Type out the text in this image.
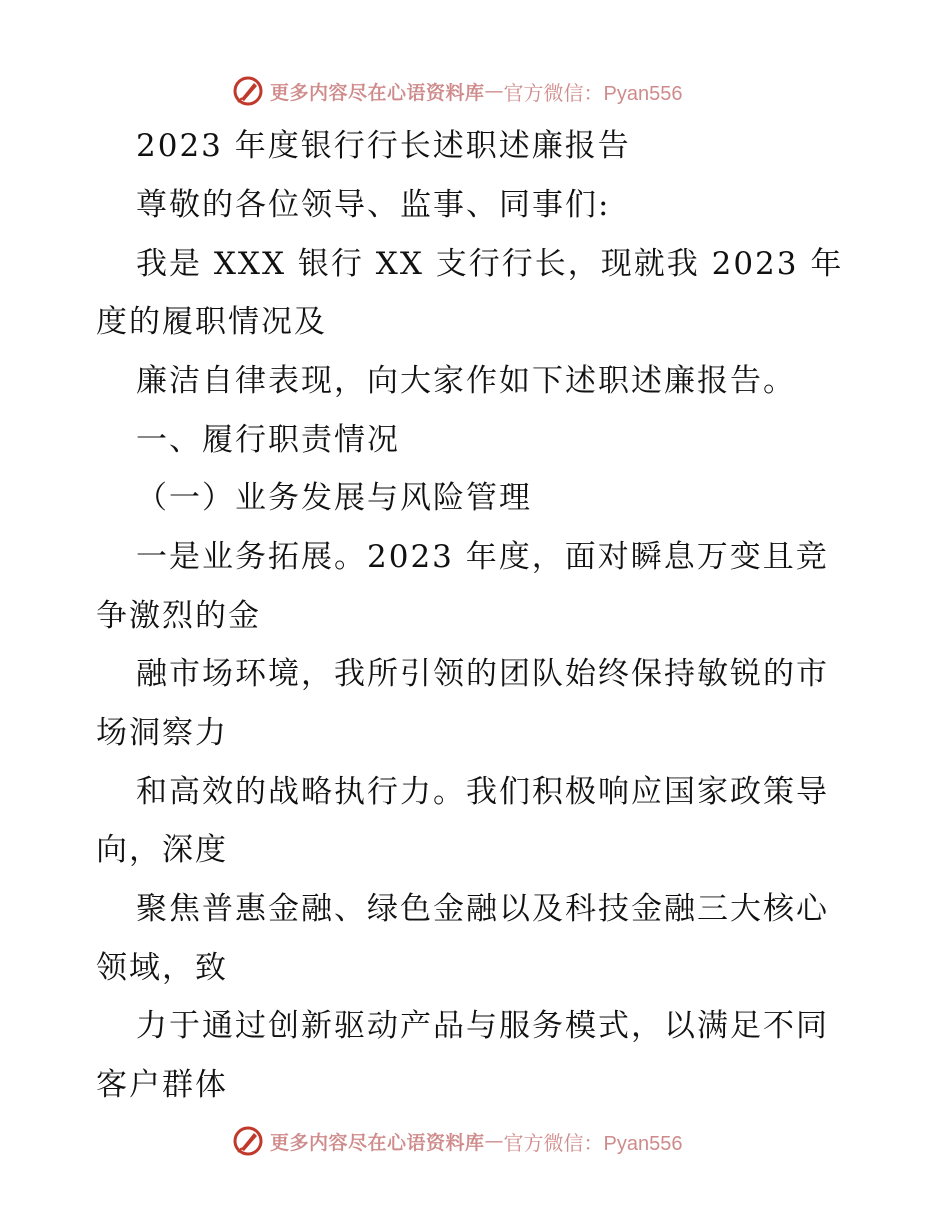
更多内容尽在心语资料库 — 官方微信：Pyan556

2023 年度银行行长述职述廉报告

尊敬的各位领导、监事、同事们:

我是 XXX 银行 XX 支行行长，现就我 2023 年

度的履职情况及

廉洁自律表现，向大家作如下述职述廉报告。

一、履行职责情况

（一）业务发展与风险管理

一是业务拓展。2023 年度，面对瞬息万变且竞

争激烈的金

融市场环境，我所引领的团队始终保持敏锐的市

场洞察力

和高效的战略执行力。我们积极响应国家政策导

向，深度

聚焦普惠金融、绿色金融以及科技金融三大核心

领域，致

力于通过创新驱动产品与服务模式，以满足不同

客户群体

更多内容尽在心语资料库 — 官方微信：Pyan556
